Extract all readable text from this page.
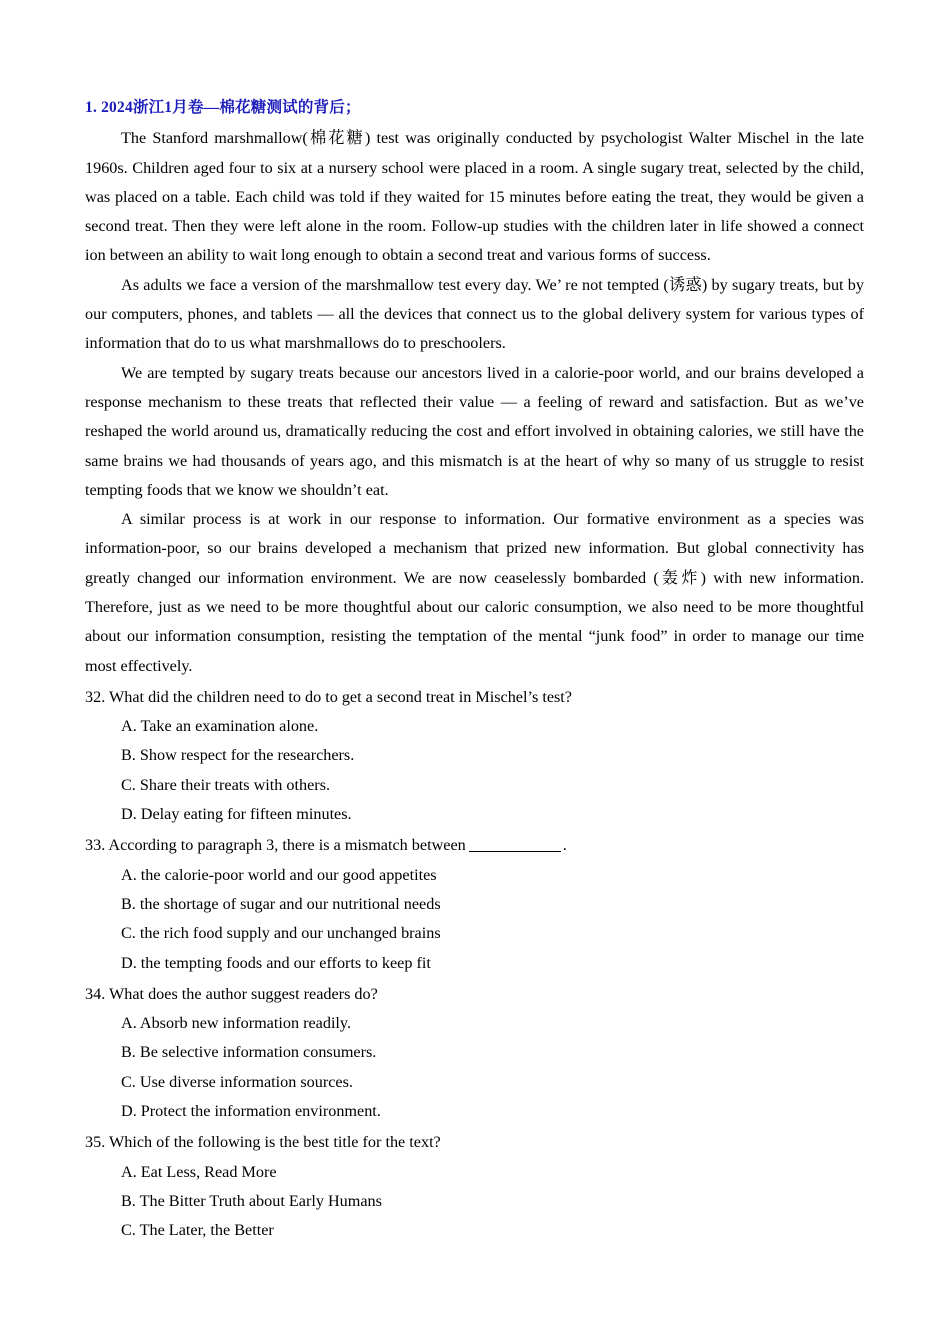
1. 2024浙江1月卷—棉花糖测试的背后；

The Stanford marshmallow(棉花糖) test was originally conducted by psychologist Walter Mischel in the late 1960s. Children aged four to six at a nursery school were placed in a room. A single sugary treat, selected by the child, was placed on a table. Each child was told if they waited for 15 minutes before eating the treat, they would be given a second treat. Then they were left alone in the room. Follow-up studies with the children later in life showed a connect ion between an ability to wait long enough to obtain a second treat and various forms of success.

As adults we face a version of the marshmallow test every day. We’ re not tempted (诱惑) by sugary treats, but by our computers, phones, and tablets — all the devices that connect us to the global delivery system for various types of information that do to us what marshmallows do to preschoolers.

We are tempted by sugary treats because our ancestors lived in a calorie-poor world, and our brains developed a response mechanism to these treats that reflected their value — a feeling of reward and satisfaction. But as we’ve reshaped the world around us, dramatically reducing the cost and effort involved in obtaining calories, we still have the same brains we had thousands of years ago, and this mismatch is at the heart of why so many of us struggle to resist tempting foods that we know we shouldn’t eat.

A similar process is at work in our response to information. Our formative environment as a species was information-poor, so our brains developed a mechanism that prized new information. But global connectivity has greatly changed our information environment. We are now ceaselessly bombarded (轰炸) with new information. Therefore, just as we need to be more thoughtful about our caloric consumption, we also need to be more thoughtful about our information consumption, resisting the temptation of the mental “junk food” in order to manage our time most effectively.

32. What did the children need to do to get a second treat in Mischel’s test?

A. Take an examination alone.

B. Show respect for the researchers.

C. Share their treats with others.

D. Delay eating for fifteen minutes.

33. According to paragraph 3, there is a mismatch between	.

A. the calorie-poor world and our good appetites

B. the shortage of sugar and our nutritional needs

C. the rich food supply and our unchanged brains

D. the tempting foods and our efforts to keep fit

34. What does the author suggest readers do?

A. Absorb new information readily.

B. Be selective information consumers.

C. Use diverse information sources.

D. Protect the information environment.

35. Which of the following is the best title for the text?

A. Eat Less, Read More

B. The Bitter Truth about Early Humans

C. The Later, the Better
